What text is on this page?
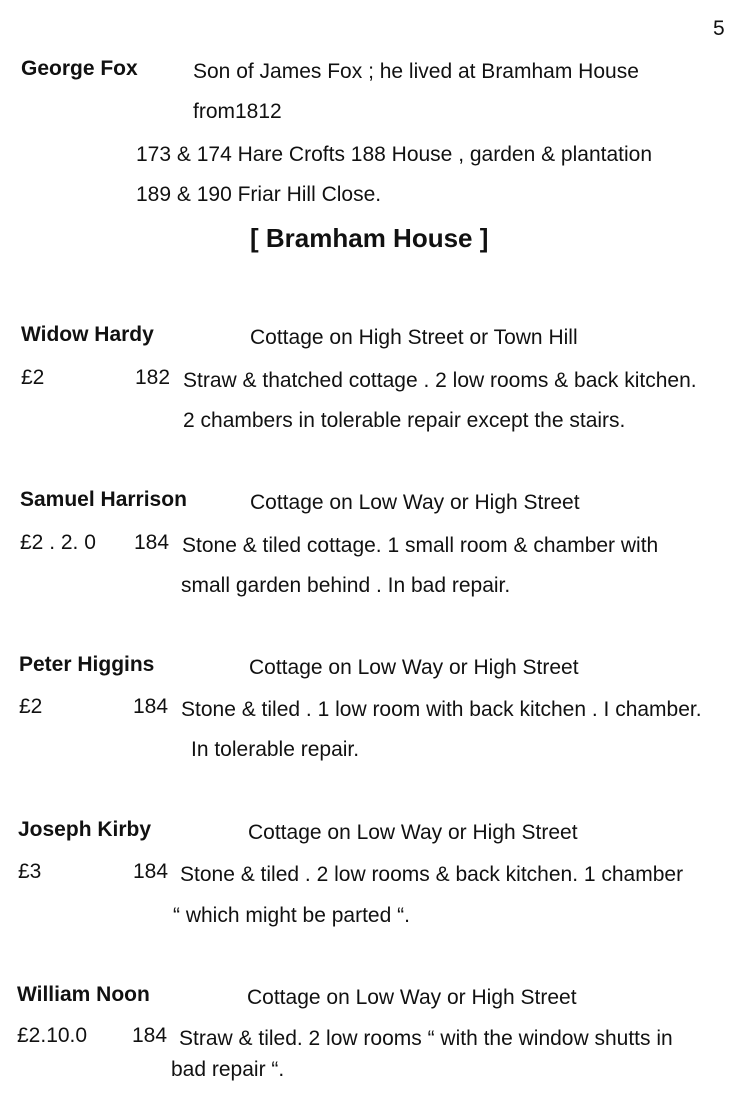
5
George Fox	Son of James Fox ; he lived at Bramham House
from1812
173 & 174 Hare Crofts 188 House , garden & plantation
189 & 190 Friar Hill Close.
[ Bramham House ]
Widow Hardy	Cottage on High Street or Town Hill
£2	182 Straw & thatched cottage . 2 low rooms & back kitchen.
2 chambers in tolerable repair except the stairs.
Samuel Harrison	Cottage on Low Way or High Street
£2 . 2. 0 184 Stone & tiled cottage. 1 small room & chamber with
small garden behind . In bad repair.
Peter Higgins	Cottage on Low Way or High Street
£2	184 Stone & tiled . 1 low room with back kitchen . I chamber.
In tolerable repair.
Joseph Kirby	Cottage on Low Way or High Street
£3	184 Stone & tiled . 2 low rooms & back kitchen. 1 chamber
“ which might be parted “.
William Noon	Cottage on Low Way or High Street
£2.10.0 184 Straw & tiled. 2 low rooms “ with the window shutts in
bad repair “.
